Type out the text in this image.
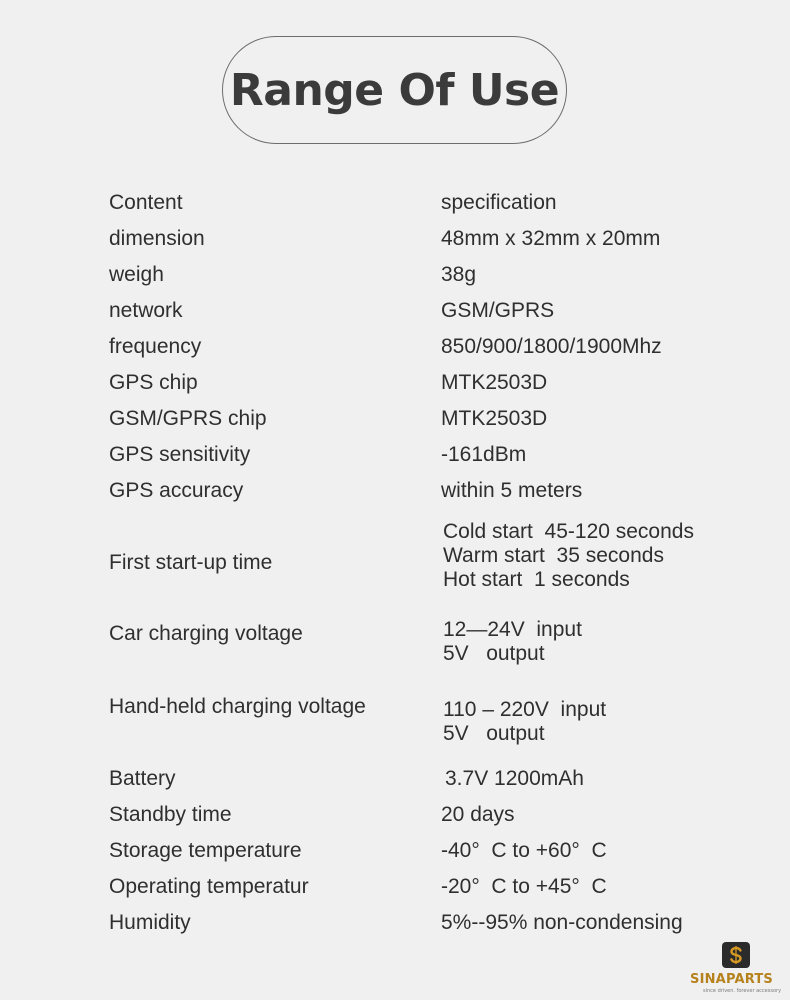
Range Of Use
Content	specification
dimension	48mm x 32mm x 20mm
weigh	38g
network	GSM/GPRS
frequency	850/900/1800/1900Mhz
GPS chip	MTK2503D
GSM/GPRS chip	MTK2503D
GPS sensitivity	-161dBm
GPS accuracy	within 5 meters
First start-up time
Cold start  45-120 seconds
Warm start  35 seconds
Hot start  1 seconds
Car charging voltage	12—24V  input
5V   output
Hand-held charging voltage	110 – 220V  input
5V   output
Battery	3.7V 1200mAh
Standby time	20 days
Storage temperature	-40°  C to +60°  C
Operating temperatur	-20°  C to +45°  C
Humidity	5%--95% non-condensing
SINAPARTS
since driven. forever accessory
